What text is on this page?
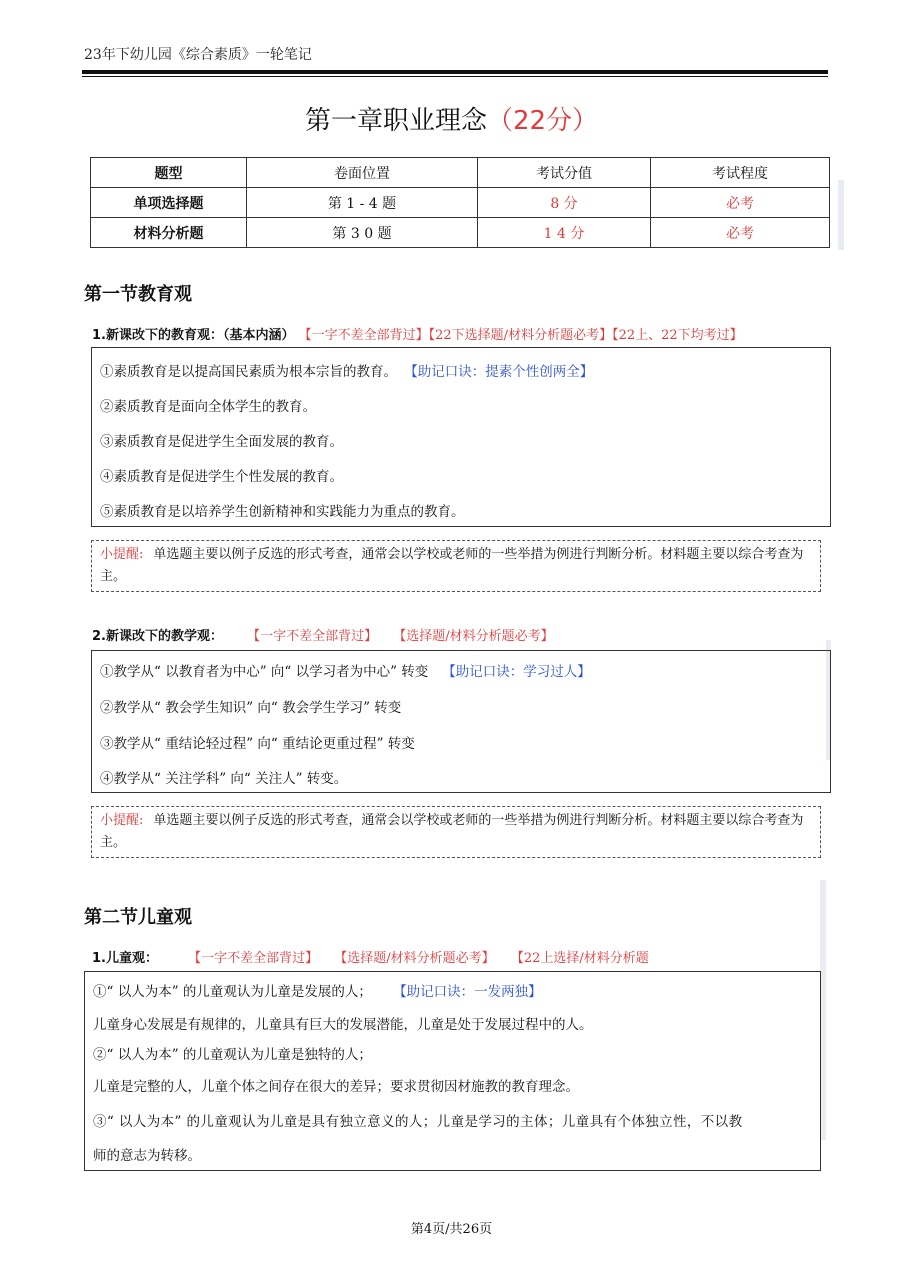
23年下幼儿园《综合素质》一轮笔记
第一章职业理念（22分）
题型	卷面位置	考试分值	考试程度
单项选择题	第 1 - 4 题	8 分	必考
材料分析题	第 3 0 题	1 4 分	必考
第一节教育观
1.新课改下的教育观：（基本内涵） 【一字不差全部背过】【22下选择题/材料分析题必考】【22上、22下均考过】
①素质教育是以提高国民素质为根本宗旨的教育。 【助记口诀：提素个性创两全】
②素质教育是面向全体学生的教育。
③素质教育是促进学生全面发展的教育。
④素质教育是促进学生个性发展的教育。
⑤素质教育是以培养学生创新精神和实践能力为重点的教育。
小提醒: 单选题主要以例子反选的形式考查，通常会以学校或老师的一些举措为例进行判断分析。材料题主要以综合考查为主。
2.新课改下的教学观： 【一字不差全部背过】 【选择题/材料分析题必考】
①教学从“ 以教育者为中心” 向“ 以学习者为中心” 转变 【助记口诀：学习过人】
②教学从“ 教会学生知识” 向“ 教会学生学习” 转变
③教学从“ 重结论轻过程” 向“ 重结论更重过程” 转变
④教学从“ 关注学科” 向“ 关注人” 转变。
小提醒: 单选题主要以例子反选的形式考查，通常会以学校或老师的一些举措为例进行判断分析。材料题主要以综合考查为主。
第二节儿童观
1.儿童观： 【一字不差全部背过】 【选择题/材料分析题必考】 【22上选择/材料分析题
①“ 以人为本” 的儿童观认为儿童是发展的人； 【助记口诀：一发两独】
儿童身心发展是有规律的，儿童具有巨大的发展潜能，儿童是处于发展过程中的人。
②“ 以人为本” 的儿童观认为儿童是独特的人；
儿童是完整的人，儿童个体之间存在很大的差异；要求贯彻因材施教的教育理念。
③“ 以人为本” 的儿童观认为儿童是具有独立意义的人；儿童是学习的主体；儿童具有个体独立性，不以教
师的意志为转移。
第4页/共26页
